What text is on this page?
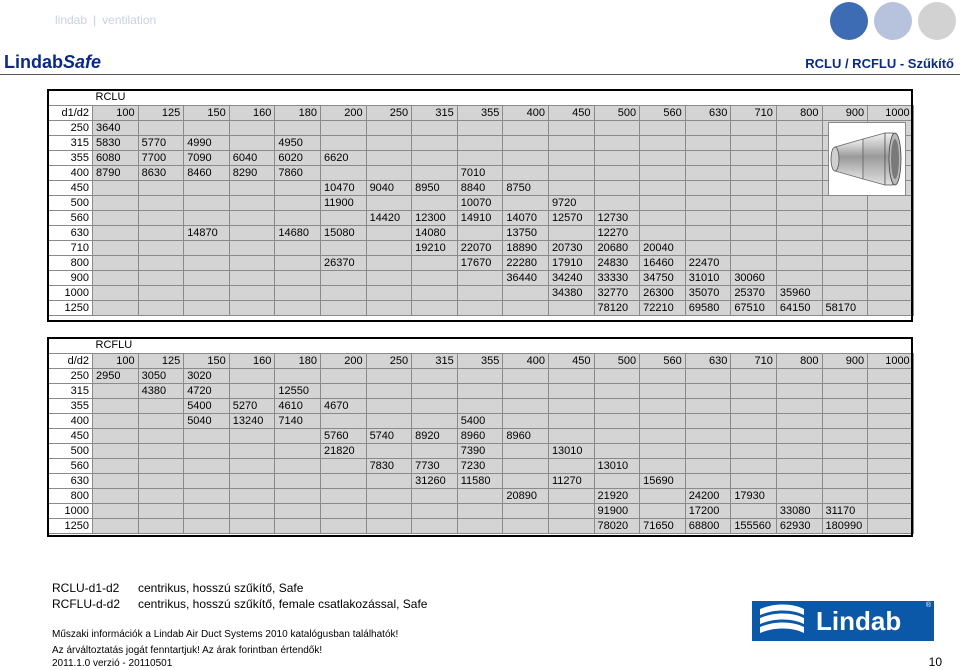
lindab | ventilation
LindabSafe	RCLU / RCFLU - Szűkítő
	RCLU																	
d1/d2	100	125	150	160	180	200	250	315	355	400	450	500	560	630	710	800	900	1000
250	3640																	
315	5830	5770	4990		4950													
355	6080	7700	7090	6040	6020	6620												
400	8790	8630	8460	8290	7860				7010									
450						10470	9040	8950	8840	8750								
500						11900			10070		9720							
560							14420	12300	14910	14070	12570	12730						
630			14870		14680	15080		14080		13750		12270						
710								19210	22070	18890	20730	20680	20040					
800						26370			17670	22280	17910	24830	16460	22470				
900										36440	34240	33330	34750	31010	30060			
1000											34380	32770	26300	35070	25370	35960		
1250												78120	72210	69580	67510	64150	58170	
	RCFLU																	
d/d2	100	125	150	160	180	200	250	315	355	400	450	500	560	630	710	800	900	1000
250	2950	3050	3020															
315		4380	4720		12550													
355			5400	5270	4610	4670												
400			5040	13240	7140				5400									
450						5760	5740	8920	8960	8960								
500						21820			7390		13010							
560							7830	7730	7230			13010						
630								31260	11580		11270		15690					
800										20890		21920		24200	17930			
1000												91900		17200		33080	31170	
1250												78020	71650	68800	155560	62930	180990	
RCLU-d1-d2	centrikus, hosszú szűkítő, Safe
RCFLU-d-d2	centrikus, hosszú szűkítő, female csatlakozással, Safe
Lindab	®
Műszaki információk a Lindab Air Duct Systems 2010 katalógusban találhatók!
Az árváltoztatás jogát fenntartjuk! Az árak forintban értendők!
2011.1.0 verzió - 20110501	10
